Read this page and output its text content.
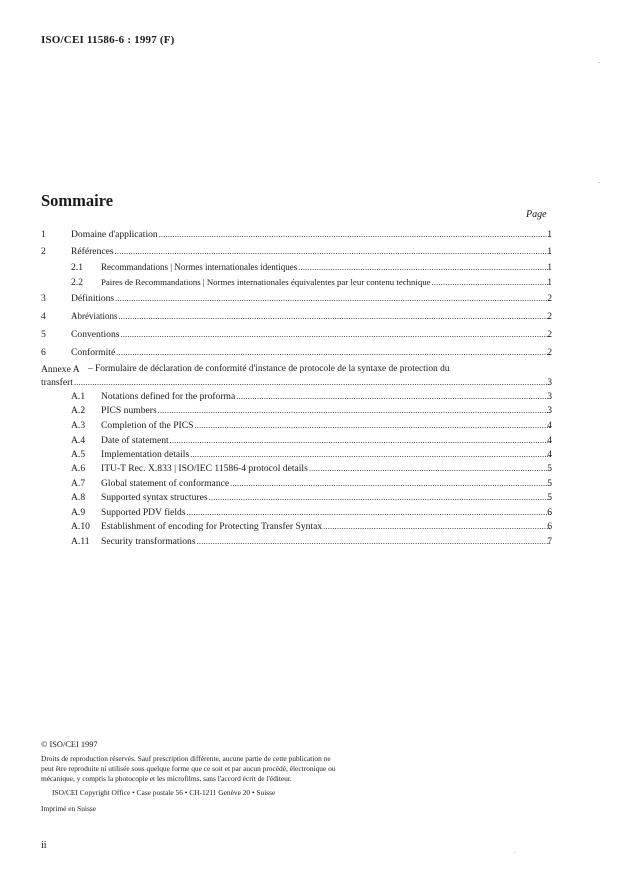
ISO/CEI 11586-6 : 1997 (F)
Sommaire
Page
1	Domaine d'application .....	1
2	Références .....	1
2.1 Recommandations | Normes internationales identiques .....	1
2.2 Paires de Recommandations | Normes internationales équivalentes par leur contenu technique .....	1
3	Définitions .....	2
4	Abréviations .....	2
5	Conventions .....	2
6	Conformité .....	2
Annexe A – Formulaire de déclaration de conformité d'instance de protocole de la syntaxe de protection du
transfert .....	3
A.1 Notations defined for the proforma .....	3
A.2 PICS numbers .....	3
A.3 Completion of the PICS .....	4
A.4 Date of statement .....	4
A.5 Implementation details .....	4
A.6 ITU-T Rec. X.833 | ISO/IEC 11586-4 protocol details .....	5
A.7 Global statement of conformance .....	5
A.8 Supported syntax structures .....	5
A.9 Supported PDV fields .....	6
A.10 Establishment of encoding for Protecting Transfer Syntax .....	6
A.11 Security transformations .....	7
© ISO/CEI 1997
Droits de reproduction réservés. Sauf prescription différente, aucune partie de cette publication ne
peut être reproduite ni utilisée sous quelque forme que ce soit et par aucun procédé, électronique ou
mécanique, y compris la photocopie et les microfilms, sans l'accord écrit de l'éditeur.
ISO/CEI Copyright Office • Case postale 56 • CH-1211 Genève 20 • Suisse
Imprimé en Suisse
ii
